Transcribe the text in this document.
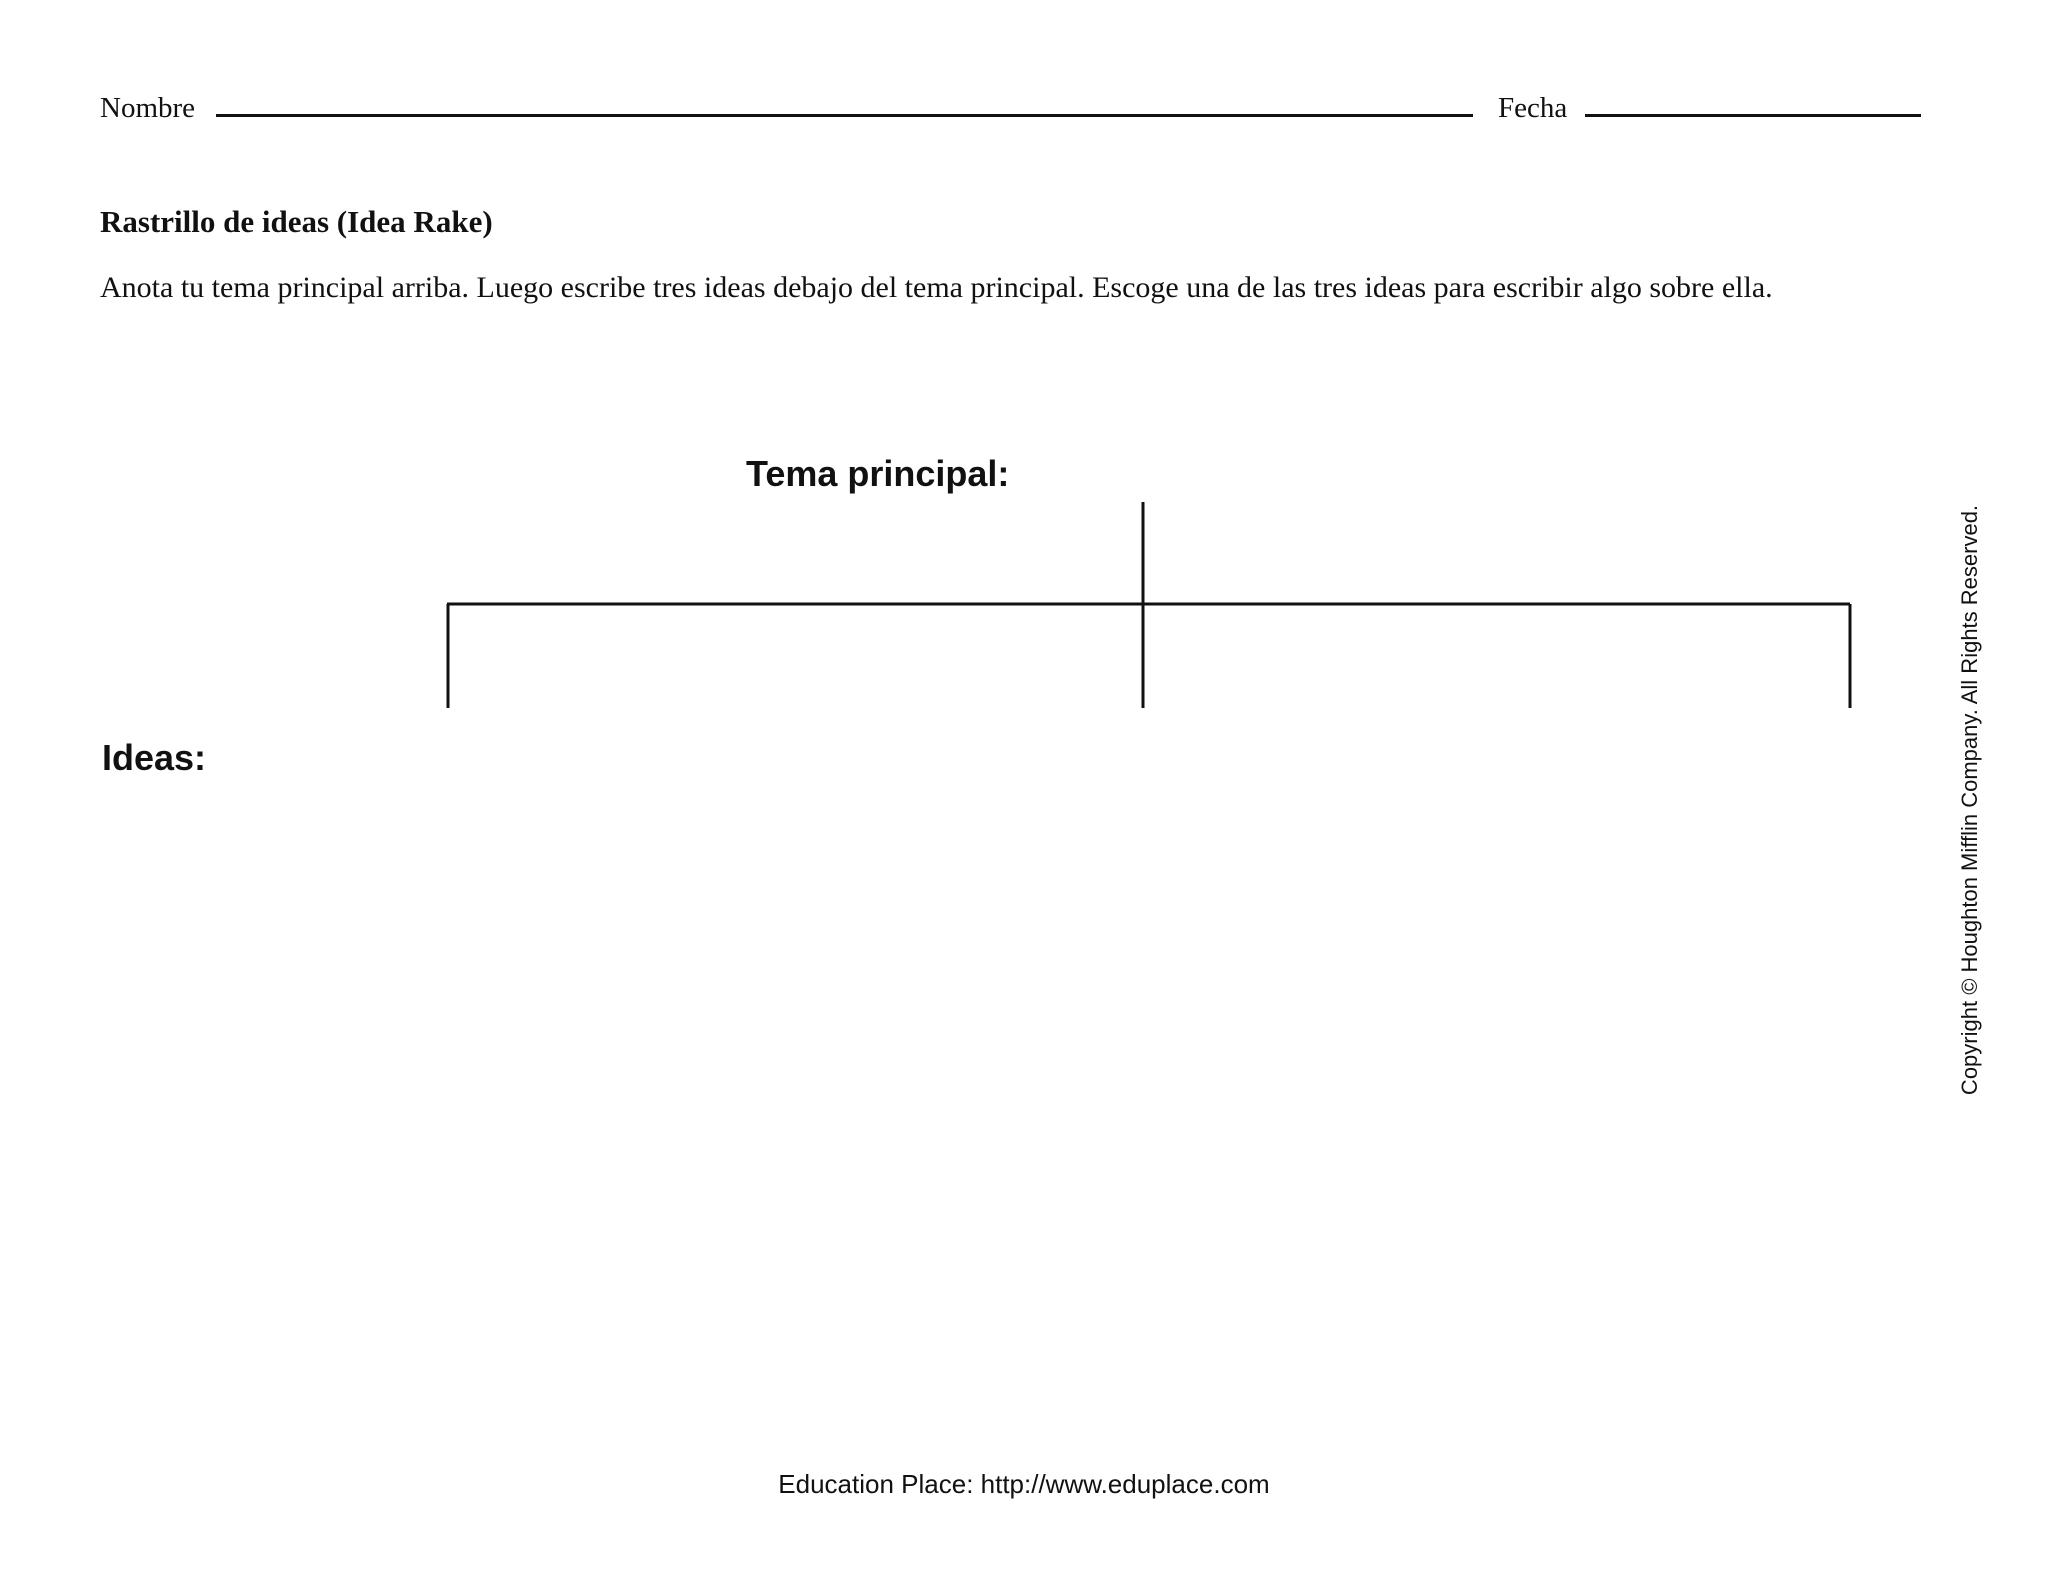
Nombre	Fecha
Rastrillo de ideas (Idea Rake)
Anota tu tema principal arriba. Luego escribe tres ideas debajo del tema principal. Escoge una de las tres ideas para escribir algo sobre ella.
Tema principal:
Ideas:	Copyright © Houghton Mifflin Company. All Rights Reserved.
Education Place: http://www.eduplace.com
